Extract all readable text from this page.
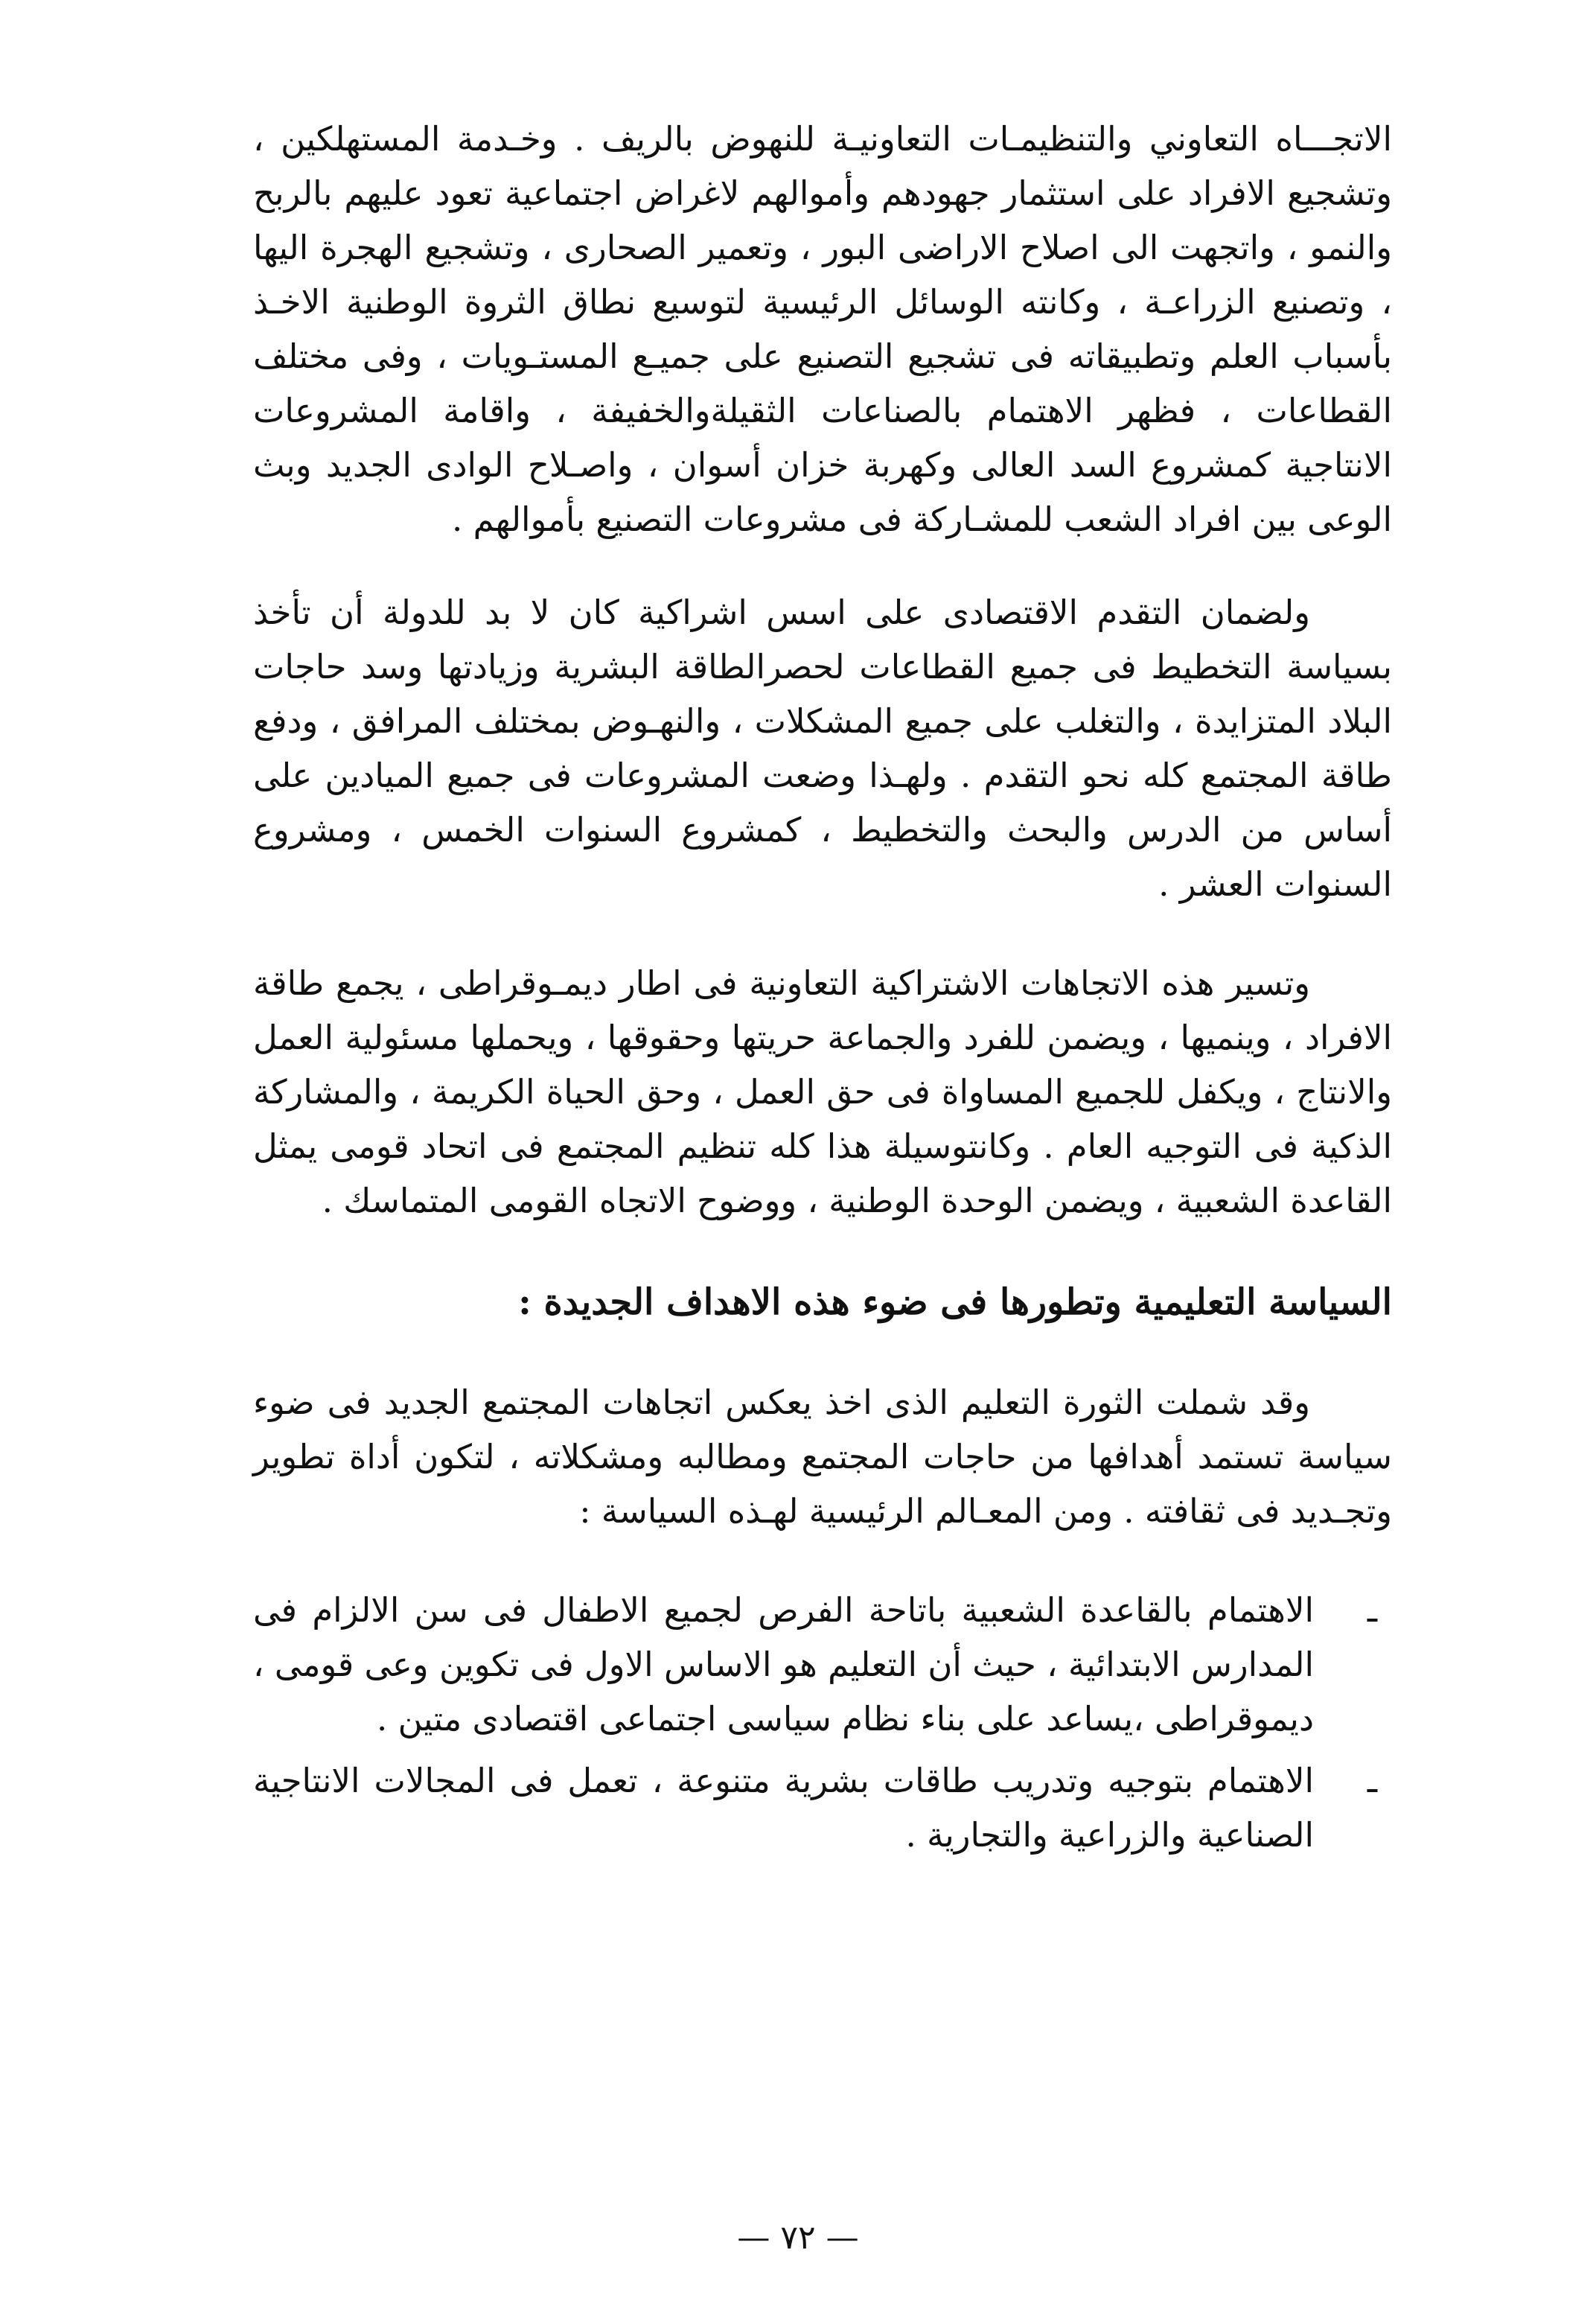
الاتجـــاه التعاوني والتنظيمـات التعاونيـة للنهوض بالريف . وخـدمة المستهلكين ، وتشجيع الافراد على استثمار جهودهم وأموالهم لاغراض اجتماعية تعود عليهم بالربح والنمو ، واتجهت الى اصلاح الاراضى البور ، وتعمير الصحارى ، وتشجيع الهجرة اليها ، وتصنيع الزراعـة ، وكانته الوسائل الرئيسية لتوسيع نطاق الثروة الوطنية الاخـذ بأسباب العلم وتطبيقاته فى تشجيع التصنيع على جميـع المستـويات ، وفى مختلف القطاعات ، فظهر الاهتمام بالصناعات الثقيلةوالخفيفة ، واقامة المشروعات الانتاجية كمشروع السد العالى وكهربة خزان أسوان ، واصـلاح الوادى الجديد وبث الوعى بين افراد الشعب للمشـاركة فى مشروعات التصنيع بأموالهم .

ولضمان التقدم الاقتصادى على اسس اشراكية كان لا بد للدولة أن تأخذ بسياسة التخطيط فى جميع القطاعات لحصرالطاقة البشرية وزيادتها وسد حاجات البلاد المتزايدة ، والتغلب على جميع المشكلات ، والنهـوض بمختلف المرافق ، ودفع طاقة المجتمع كله نحو التقدم . ولهـذا وضعت المشروعات فى جميع الميادين على أساس من الدرس والبحث والتخطيط ، كمشروع السنوات الخمس ، ومشروع السنوات العشر .

وتسير هذه الاتجاهات الاشتراكية التعاونية فى اطار ديمـوقراطى ، يجمع طاقة الافراد ، وينميها ، ويضمن للفرد والجماعة حريتها وحقوقها ، ويحملها مسئولية العمل والانتاج ، ويكفل للجميع المساواة فى حق العمل ، وحق الحياة الكريمة ، والمشاركة الذكية فى التوجيه العام . وكانتوسيلة هذا كله تنظيم المجتمع فى اتحاد قومى يمثل القاعدة الشعبية ، ويضمن الوحدة الوطنية ، ووضوح الاتجاه القومى المتماسك .

السياسة التعليمية وتطورها فى ضوء هذه الاهداف الجديدة :

وقد شملت الثورة التعليم الذى اخذ يعكس اتجاهات المجتمع الجديد فى ضوء سياسة تستمد أهدافها من حاجات المجتمع ومطالبه ومشكلاته ، لتكون أداة تطوير وتجـديد فى ثقافته . ومن المعـالم الرئيسية لهـذه السياسة :

ـ
الاهتمام بالقاعدة الشعبية باتاحة الفرص لجميع الاطفال فى سن الالزام فى المدارس الابتدائية ، حيث أن التعليم هو الاساس الاول فى تكوين وعى قومى ، ديموقراطى ،يساعد على بناء نظام سياسى اجتماعى اقتصادى متين .
ـ
الاهتمام بتوجيه وتدريب طاقات بشرية متنوعة ، تعمل فى المجالات الانتاجية الصناعية والزراعية والتجارية .
— ٧٢ —
